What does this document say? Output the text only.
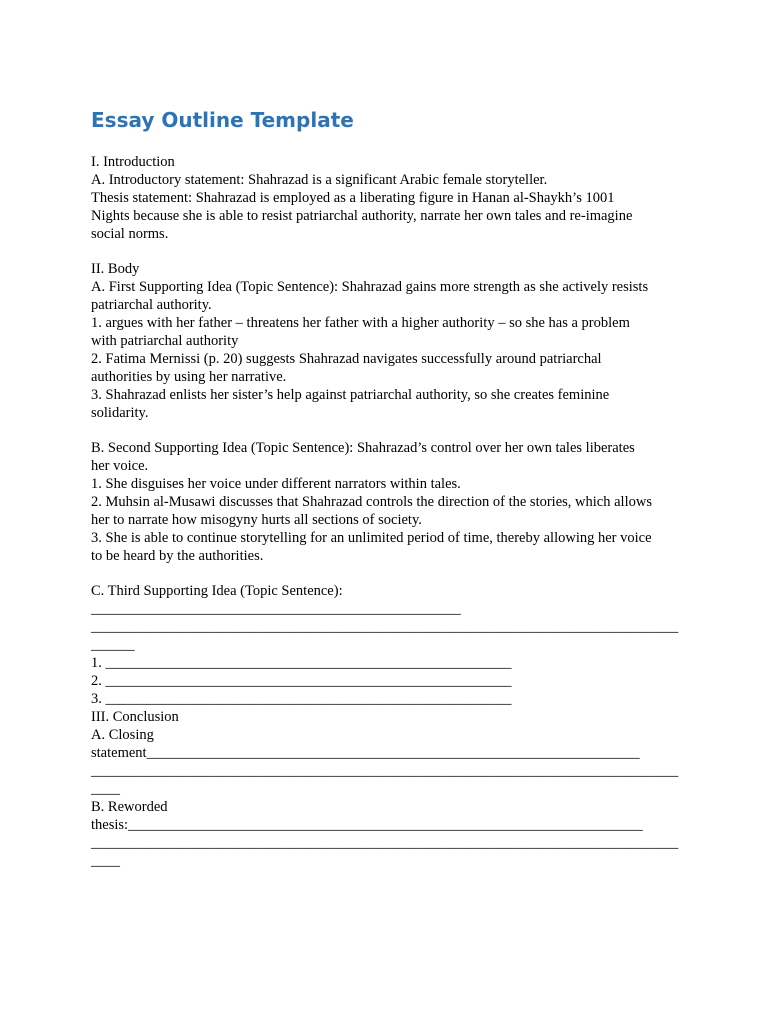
Essay Outline Template
I. Introduction
A. Introductory statement: Shahrazad is a significant Arabic female storyteller.
Thesis statement: Shahrazad is employed as a liberating figure in Hanan al-Shaykh’s 1001
Nights because she is able to resist patriarchal authority, narrate her own tales and re-imagine
social norms.
II. Body
A. First Supporting Idea (Topic Sentence): Shahrazad gains more strength as she actively resists
patriarchal authority.
1. argues with her father – threatens her father with a higher authority – so she has a problem
with patriarchal authority
2. Fatima Mernissi (p. 20) suggests Shahrazad navigates successfully around patriarchal
authorities by using her narrative.
3. Shahrazad enlists her sister’s help against patriarchal authority, so she creates feminine
solidarity.
B. Second Supporting Idea (Topic Sentence): Shahrazad’s control over her own tales liberates
her voice.
1. She disguises her voice under different narrators within tales.
2. Muhsin al-Musawi discusses that Shahrazad controls the direction of the stories, which allows
her to narrate how misogyny hurts all sections of society.
3. She is able to continue storytelling for an unlimited period of time, thereby allowing her voice
to be heard by the authorities.
C. Third Supporting Idea (Topic Sentence):
___________________________________________________
_________________________________________________________________________________
______
1. ________________________________________________________
2. ________________________________________________________
3. ________________________________________________________
III. Conclusion
A. Closing
statement____________________________________________________________________
_________________________________________________________________________________
____
B. Reworded
thesis:_______________________________________________________________________
_________________________________________________________________________________
____
